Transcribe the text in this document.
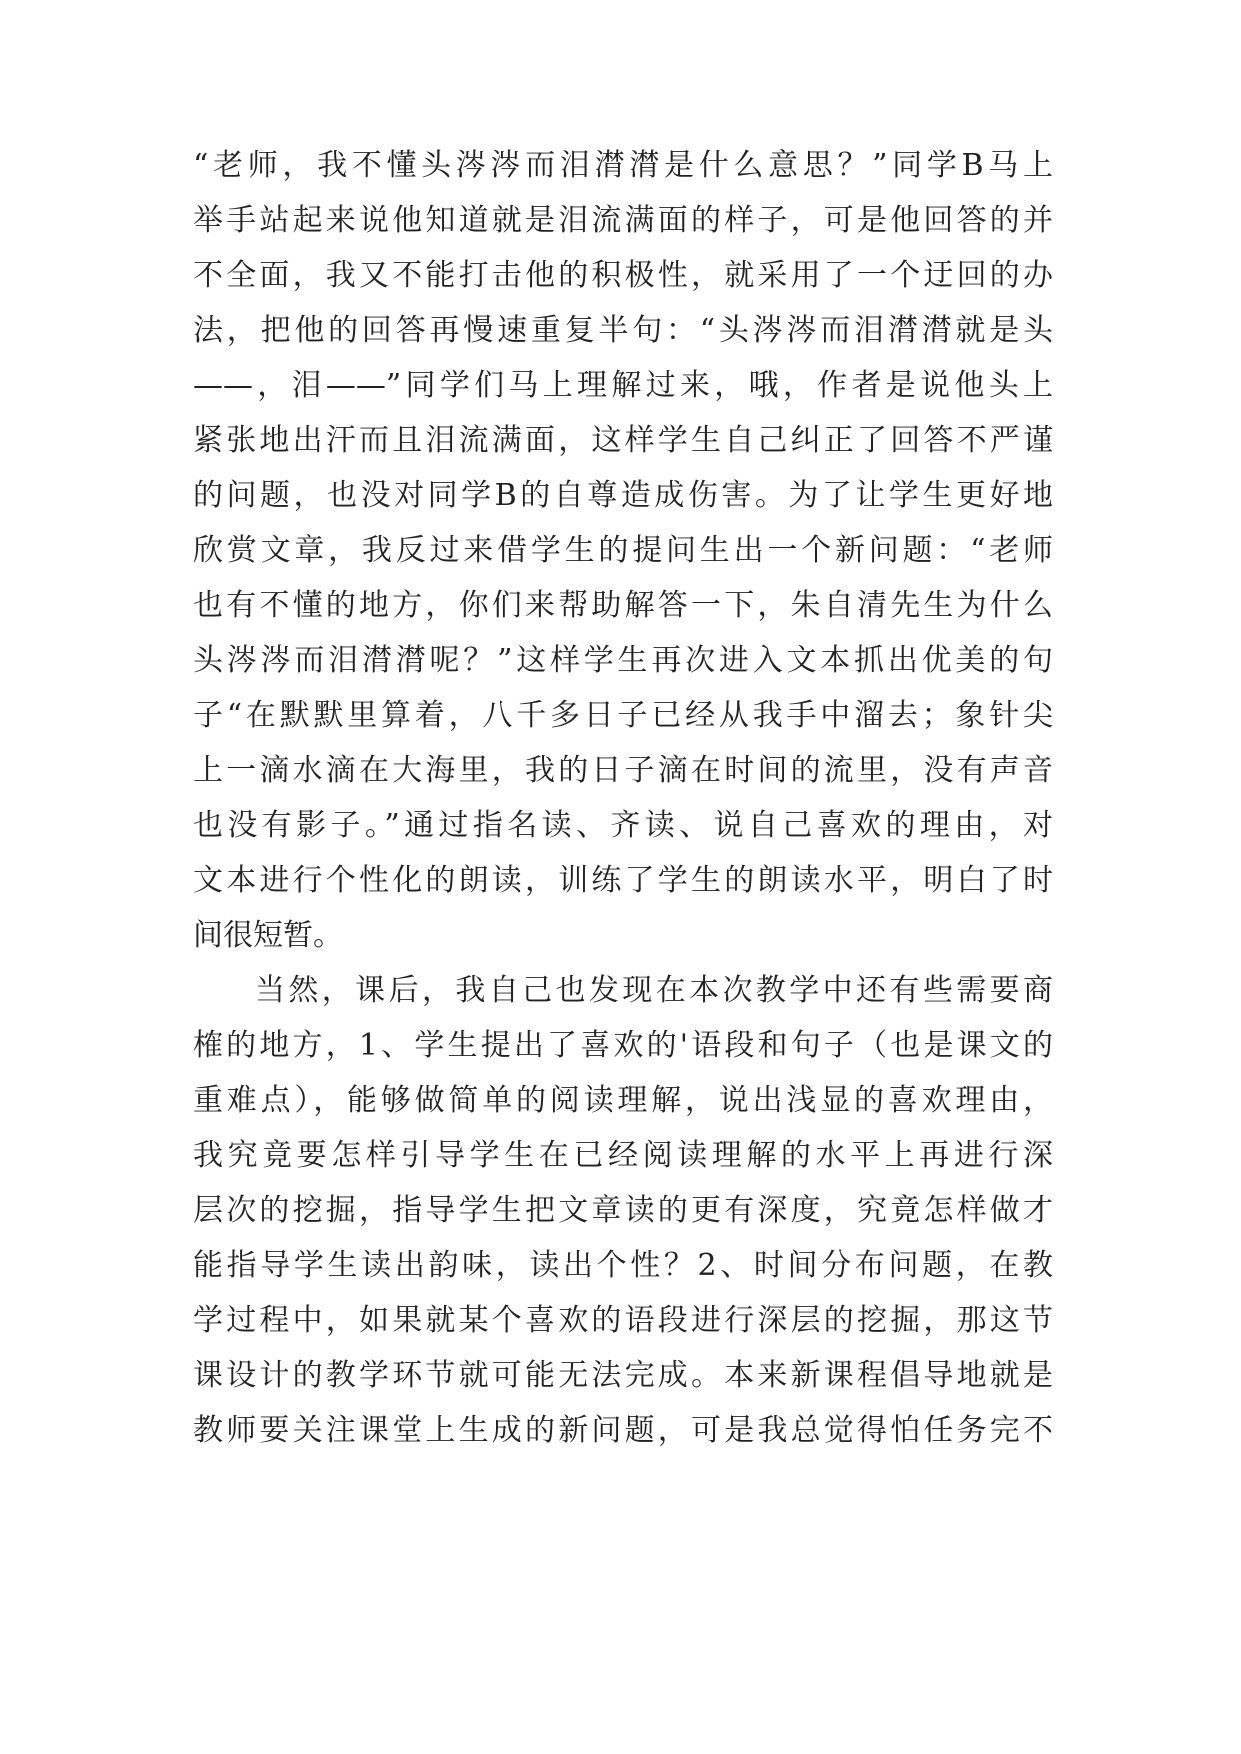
“老师，我不懂头涔涔而泪潸潸是什么意思？”同学B马上
举手站起来说他知道就是泪流满面的样子，可是他回答的并
不全面，我又不能打击他的积极性，就采用了一个迂回的办
法，把他的回答再慢速重复半句：“头涔涔而泪潸潸就是头
——，泪——”同学们马上理解过来，哦，作者是说他头上
紧张地出汗而且泪流满面，这样学生自己纠正了回答不严谨
的问题，也没对同学B的自尊造成伤害。为了让学生更好地
欣赏文章，我反过来借学生的提问生出一个新问题：“老师
也有不懂的地方，你们来帮助解答一下，朱自清先生为什么
头涔涔而泪潸潸呢？”这样学生再次进入文本抓出优美的句
子“在默默里算着，八千多日子已经从我手中溜去；象针尖
上一滴水滴在大海里，我的日子滴在时间的流里，没有声音
也没有影子。”通过指名读、齐读、说自己喜欢的理由，对
文本进行个性化的朗读，训练了学生的朗读水平，明白了时
间很短暂。
当然，课后，我自己也发现在本次教学中还有些需要商
榷的地方，1、学生提出了喜欢的'语段和句子（也是课文的
重难点），能够做简单的阅读理解，说出浅显的喜欢理由，
我究竟要怎样引导学生在已经阅读理解的水平上再进行深
层次的挖掘，指导学生把文章读的更有深度，究竟怎样做才
能指导学生读出韵味，读出个性？2、时间分布问题，在教
学过程中，如果就某个喜欢的语段进行深层的挖掘，那这节
课设计的教学环节就可能无法完成。本来新课程倡导地就是
教师要关注课堂上生成的新问题，可是我总觉得怕任务完不
